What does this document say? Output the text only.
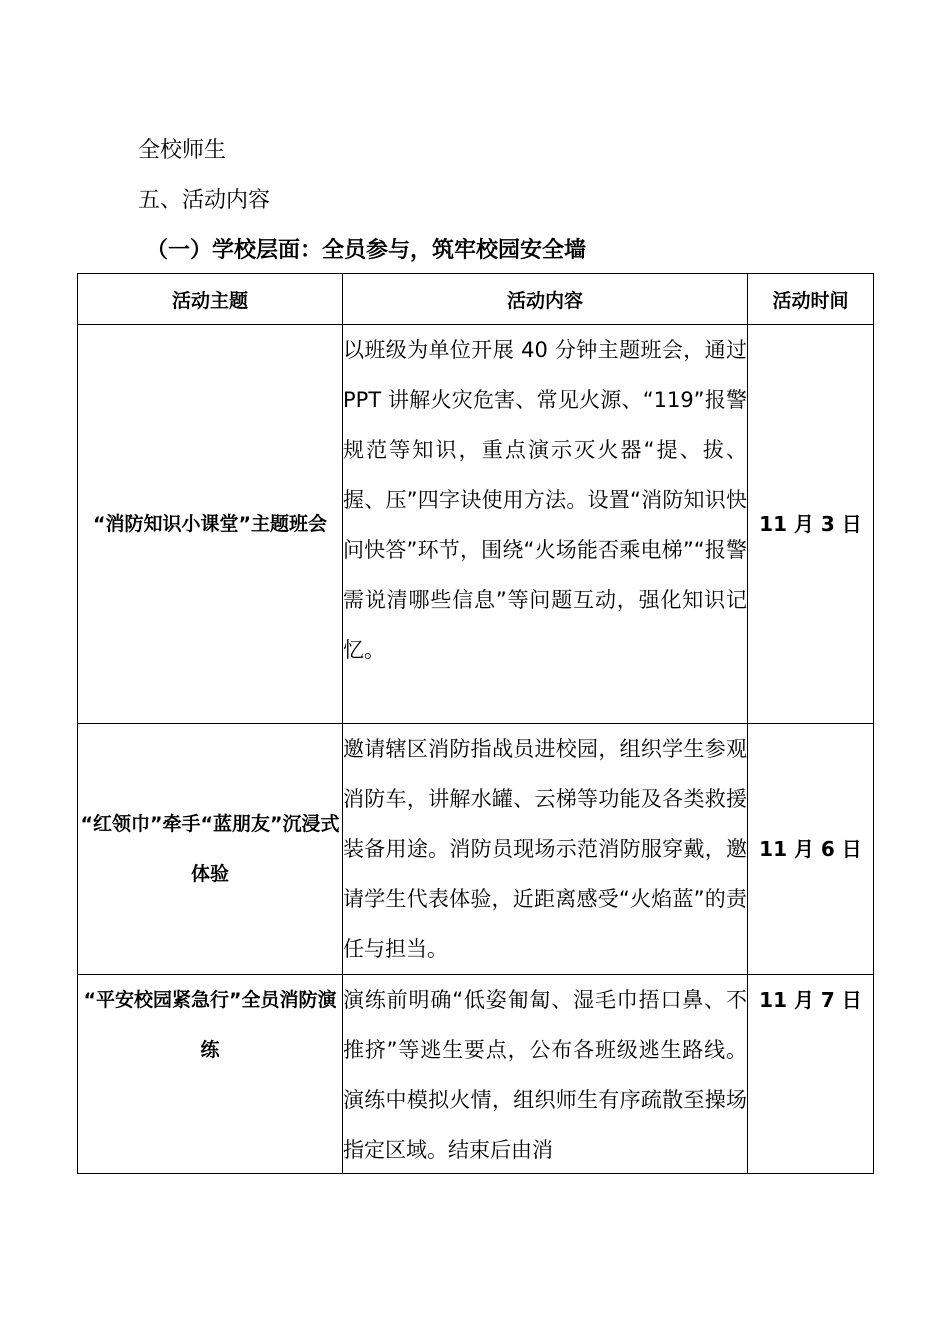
全校师生

五、活动内容

（一）学校层面：全员参与，筑牢校园安全墙

活动主题	活动内容	活动时间

“消防知识小课堂”主题班会	以班级为单位开展 40 分钟主题班会，通过 PPT 讲解火灾危害、常见火源、“119”报警规范等知识，重点演示灭火器“提、拔、握、压”四字诀使用方法。设置“消防知识快问快答”环节，围绕“火场能否乘电梯”“报警需说清哪些信息”等问题互动，强化知识记忆。	11 月 3 日

“红领巾”牵手“蓝朋友”沉浸式体验	邀请辖区消防指战员进校园，组织学生参观消防车，讲解水罐、云梯等功能及各类救援装备用途。消防员现场示范消防服穿戴，邀请学生代表体验，近距离感受“火焰蓝”的责任与担当。	11 月 6 日

“平安校园紧急行”全员消防演练	演练前明确“低姿匍匐、湿毛巾捂口鼻、不推挤”等逃生要点，公布各班级逃生路线。演练中模拟火情，组织师生有序疏散至操场指定区域。结束后由消	11 月 7 日
